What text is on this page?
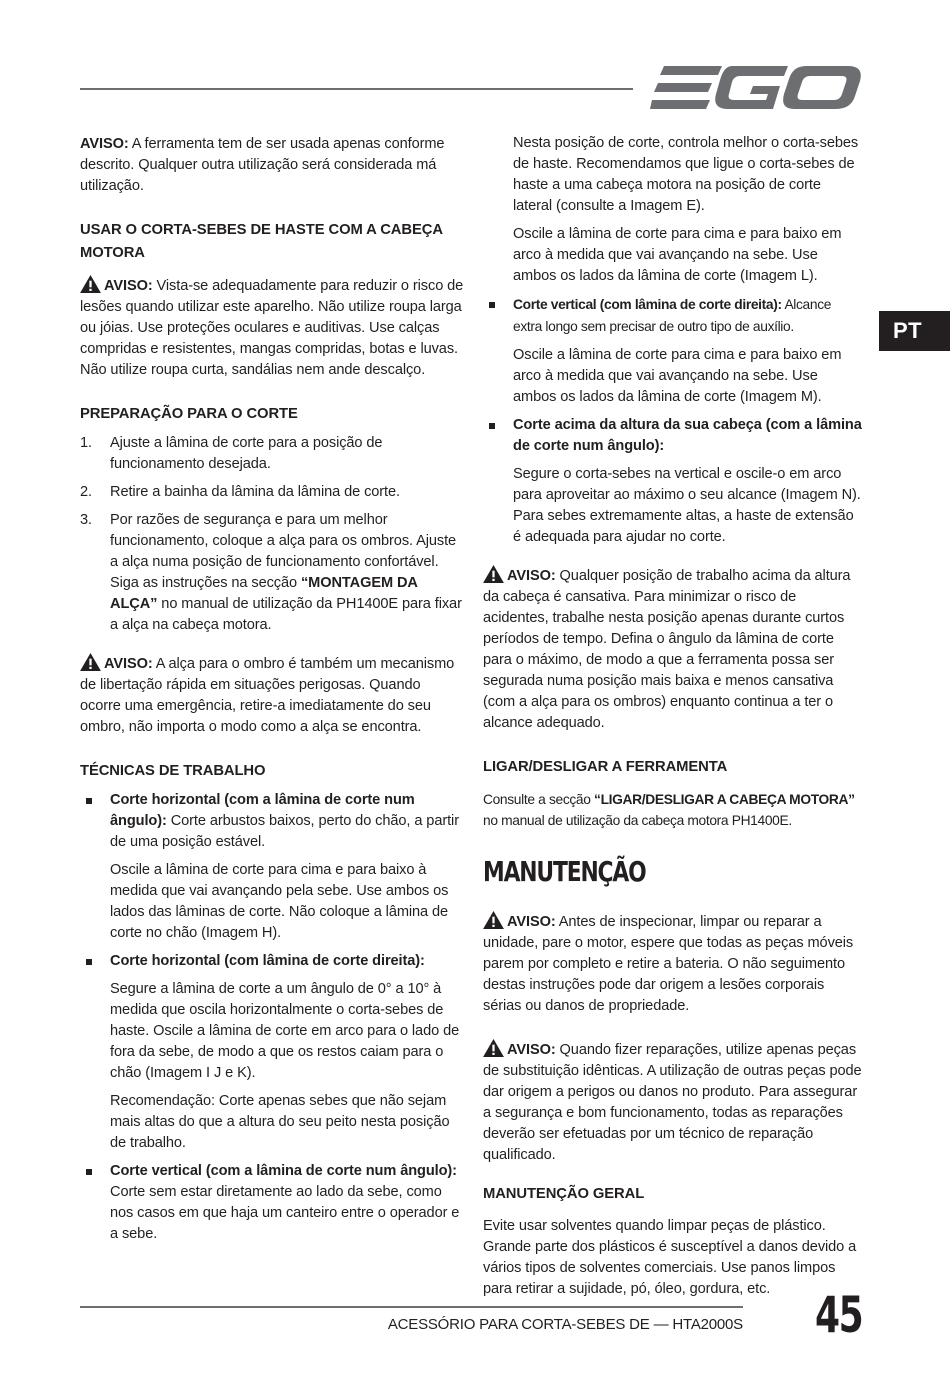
PT

AVISO: A ferramenta tem de ser usada apenas conforme descrito. Qualquer outra utilização será considerada má utilização.

USAR O CORTA-SEBES DE HASTE COM A CABEÇA MOTORA

AVISO: Vista-se adequadamente para reduzir o risco de lesões quando utilizar este aparelho. Não utilize roupa larga ou jóias. Use proteções oculares e auditivas. Use calças compridas e resistentes, mangas compridas, botas e luvas. Não utilize roupa curta, sandálias nem ande descalço.

PREPARAÇÃO PARA O CORTE
1. Ajuste a lâmina de corte para a posição de funcionamento desejada.
2. Retire a bainha da lâmina da lâmina de corte.
3. Por razões de segurança e para um melhor funcionamento, coloque a alça para os ombros. Ajuste a alça numa posição de funcionamento confortável. Siga as instruções na secção “MONTAGEM DA ALÇA” no manual de utilização da PH1400E para fixar a alça na cabeça motora.

AVISO: A alça para o ombro é também um mecanismo de libertação rápida em situações perigosas. Quando ocorre uma emergência, retire-a imediatamente do seu ombro, não importa o modo como a alça se encontra.

TÉCNICAS DE TRABALHO
Corte horizontal (com a lâmina de corte num ângulo): Corte arbustos baixos, perto do chão, a partir de uma posição estável.

Oscile a lâmina de corte para cima e para baixo à medida que vai avançando pela sebe. Use ambos os lados das lâminas de corte. Não coloque a lâmina de corte no chão (Imagem H).

Corte horizontal (com lâmina de corte direita):

Segure a lâmina de corte a um ângulo de 0° a 10° à medida que oscila horizontalmente o corta-sebes de haste. Oscile a lâmina de corte em arco para o lado de fora da sebe, de modo a que os restos caiam para o chão (Imagem I J e K).

Recomendação: Corte apenas sebes que não sejam mais altas do que a altura do seu peito nesta posição de trabalho.

Corte vertical (com a lâmina de corte num ângulo): Corte sem estar diretamente ao lado da sebe, como nos casos em que haja um canteiro entre o operador e a sebe.

Nesta posição de corte, controla melhor o corta-sebes de haste. Recomendamos que ligue o corta-sebes de haste a uma cabeça motora na posição de corte lateral (consulte a Imagem E).

Oscile a lâmina de corte para cima e para baixo em arco à medida que vai avançando na sebe. Use ambos os lados da lâmina de corte (Imagem L).

Corte vertical (com lâmina de corte direita): Alcance extra longo sem precisar de outro tipo de auxílio.

Oscile a lâmina de corte para cima e para baixo em arco à medida que vai avançando na sebe. Use ambos os lados da lâmina de corte (Imagem M).

Corte acima da altura da sua cabeça (com a lâmina de corte num ângulo):

Segure o corta-sebes na vertical e oscile-o em arco para aproveitar ao máximo o seu alcance (Imagem N). Para sebes extremamente altas, a haste de extensão é adequada para ajudar no corte.

AVISO: Qualquer posição de trabalho acima da altura da cabeça é cansativa. Para minimizar o risco de acidentes, trabalhe nesta posição apenas durante curtos períodos de tempo. Defina o ângulo da lâmina de corte para o máximo, de modo a que a ferramenta possa ser segurada numa posição mais baixa e menos cansativa (com a alça para os ombros) enquanto continua a ter o alcance adequado.

LIGAR/DESLIGAR A FERRAMENTA

Consulte a secção “LIGAR/DESLIGAR A CABEÇA MOTORA” no manual de utilização da cabeça motora PH1400E.

MANUTENÇÃO

AVISO: Antes de inspecionar, limpar ou reparar a unidade, pare o motor, espere que todas as peças móveis parem por completo e retire a bateria. O não seguimento destas instruções pode dar origem a lesões corporais sérias ou danos de propriedade.

AVISO: Quando fizer reparações, utilize apenas peças de substituição idênticas. A utilização de outras peças pode dar origem a perigos ou danos no produto. Para assegurar a segurança e bom funcionamento, todas as reparações deverão ser efetuadas por um técnico de reparação qualificado.

MANUTENÇÃO GERAL

Evite usar solventes quando limpar peças de plástico. Grande parte dos plásticos é susceptível a danos devido a vários tipos de solventes comerciais. Use panos limpos para retirar a sujidade, pó, óleo, gordura, etc.

ACESSÓRIO PARA CORTA-SEBES DE — HTA2000S 45
